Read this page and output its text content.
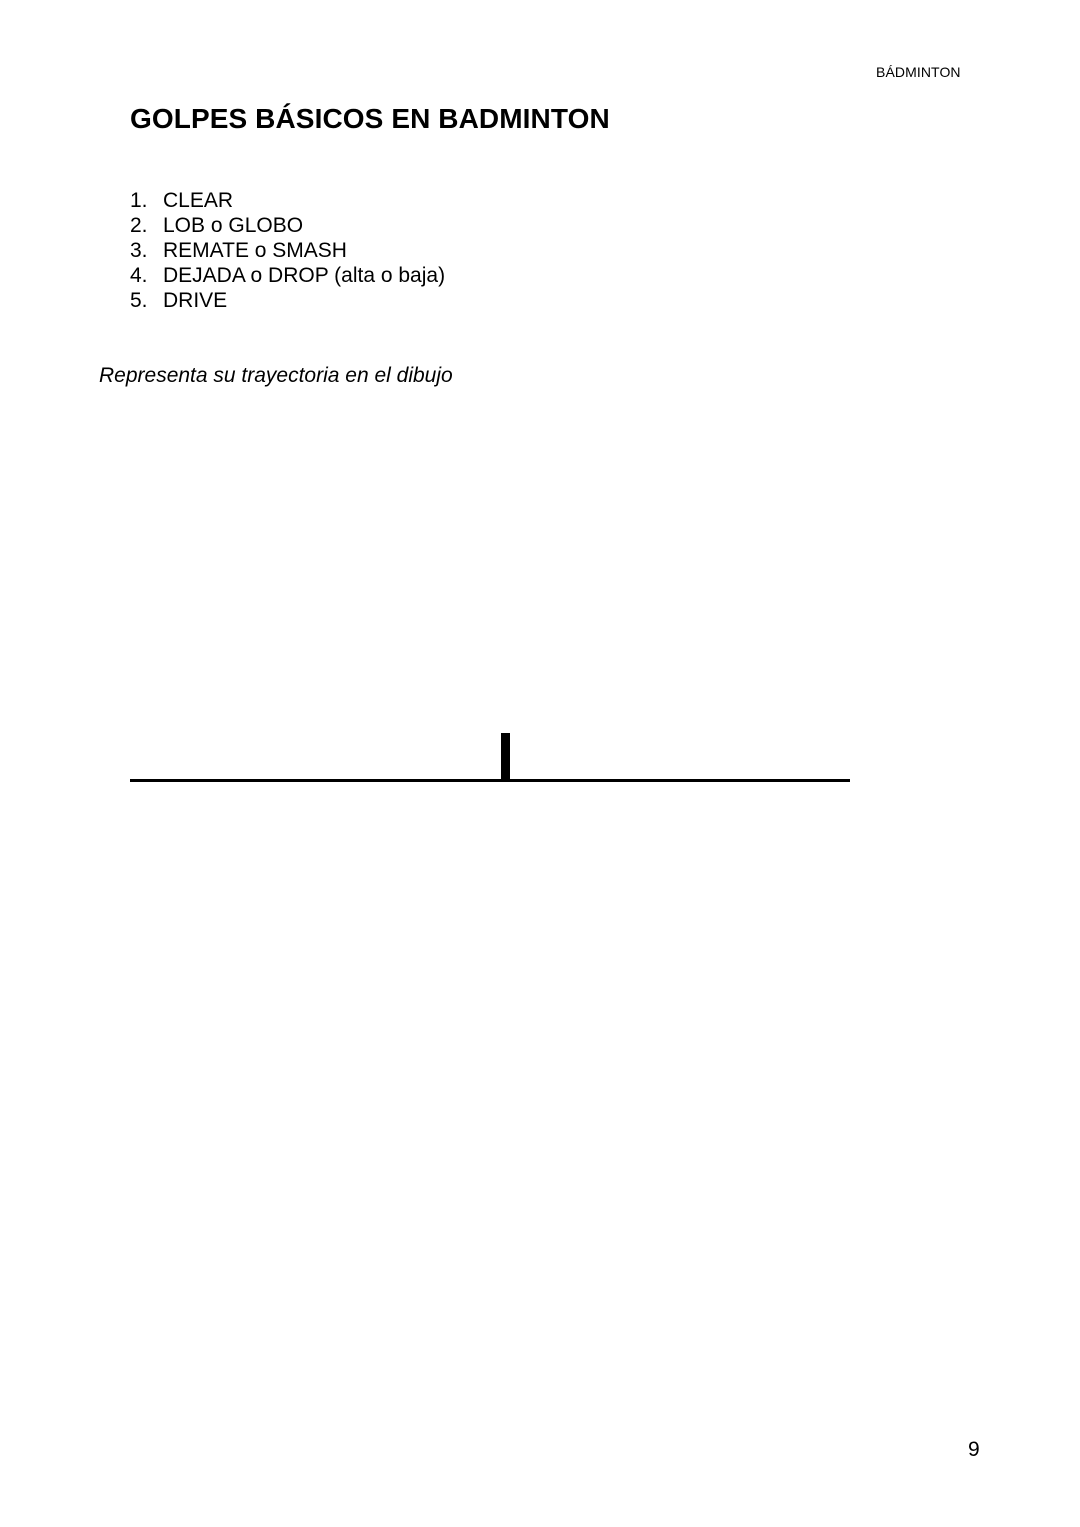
BÁDMINTON
GOLPES BÁSICOS EN BADMINTON
1. CLEAR
2. LOB o GLOBO
3. REMATE o SMASH
4. DEJADA o DROP (alta o baja)
5. DRIVE

Representa su trayectoria en el dibujo

9
